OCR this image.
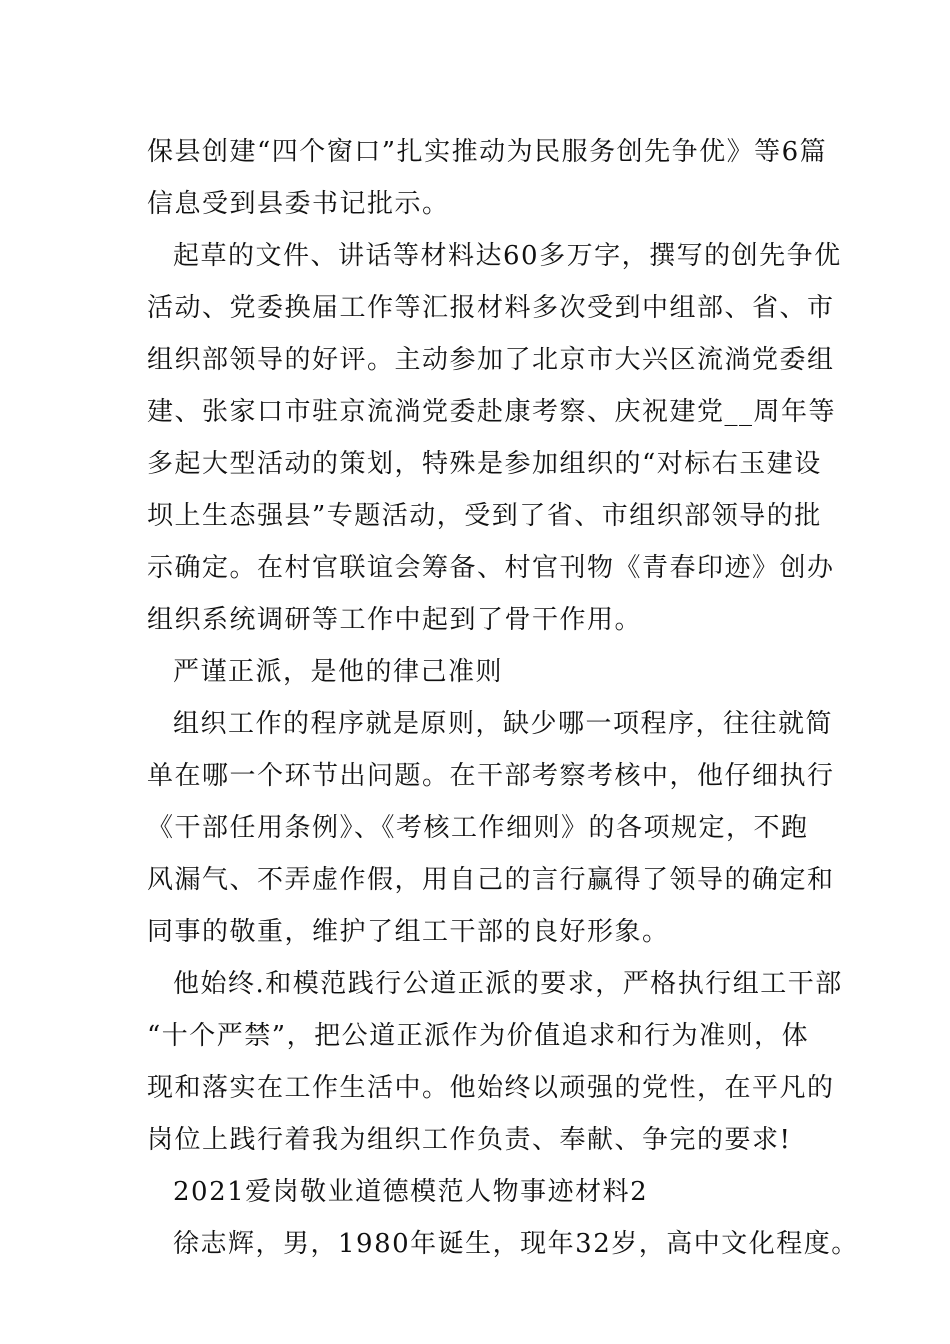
保县创建“四个窗口”扎实推动为民服务创先争优》等6篇
信息受到县委书记批示。
起草的文件、讲话等材料达60多万字，撰写的创先争优
活动、党委换届工作等汇报材料多次受到中组部、省、市
组织部领导的好评。主动参加了北京市大兴区流淌党委组
建、张家口市驻京流淌党委赴康考察、庆祝建党__周年等
多起大型活动的策划，特殊是参加组织的“对标右玉建设
坝上生态强县”专题活动，受到了省、市组织部领导的批
示确定。在村官联谊会筹备、村官刊物《青春印迹》创办
组织系统调研等工作中起到了骨干作用。
严谨正派，是他的律己准则
组织工作的程序就是原则，缺少哪一项程序，往往就简
单在哪一个环节出问题。在干部考察考核中，他仔细执行
《干部任用条例》、《考核工作细则》的各项规定，不跑
风漏气、不弄虚作假，用自己的言行赢得了领导的确定和
同事的敬重，维护了组工干部的良好形象。
他始终.和模范践行公道正派的要求，严格执行组工干部
“十个严禁”，把公道正派作为价值追求和行为准则，体
现和落实在工作生活中。他始终以顽强的党性，在平凡的
岗位上践行着我为组织工作负责、奉献、争完的要求!
2021爱岗敬业道德模范人物事迹材料2
徐志辉，男，1980年诞生，现年32岁，高中文化程度。
